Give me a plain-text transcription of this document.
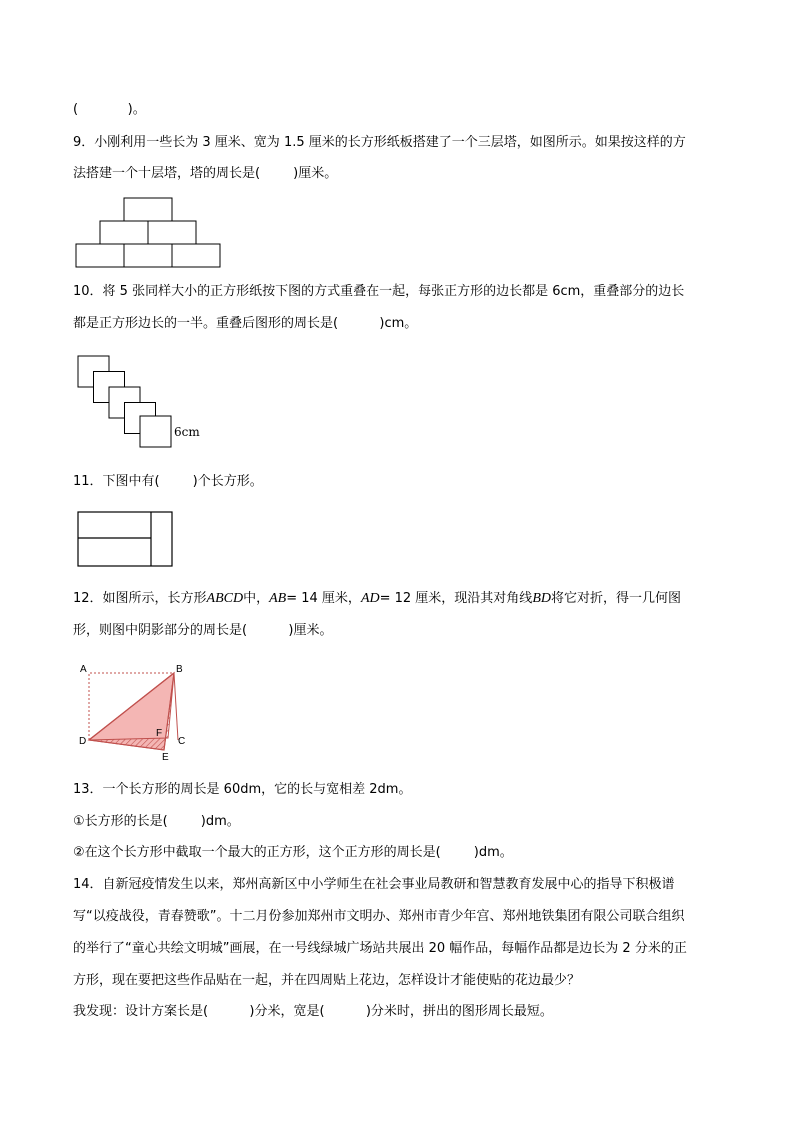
(            )。
9．小刚利用一些长为 3 厘米、宽为 1.5 厘米的长方形纸板搭建了一个三层塔，如图所示。如果按这样的方
法搭建一个十层塔，塔的周长是(        )厘米。
10．将 5 张同样大小的正方形纸按下图的方式重叠在一起，每张正方形的边长都是 6cm，重叠部分的边长
都是正方形边长的一半。重叠后图形的周长是(          )cm。
6cm
11．下图中有(        )个长方形。
12．如图所示，长方形ABCD中，AB= 14 厘米，AD= 12 厘米，现沿其对角线BD将它对折，得一几何图
形，则图中阴影部分的周长是(          )厘米。
A	B
C
D
E
F
13．一个长方形的周长是 60dm，它的长与宽相差 2dm。
①长方形的长是(        )dm。
②在这个长方形中截取一个最大的正方形，这个正方形的周长是(        )dm。
14．自新冠疫情发生以来，郑州高新区中小学师生在社会事业局教研和智慧教育发展中心的指导下积极谱
写“以疫战役，青春赞歌”。十二月份参加郑州市文明办、郑州市青少年宫、郑州地铁集团有限公司联合组织
的举行了“童心共绘文明城”画展，在一号线绿城广场站共展出 20 幅作品，每幅作品都是边长为 2 分米的正
方形，现在要把这些作品贴在一起，并在四周贴上花边，怎样设计才能使贴的花边最少？
我发现：设计方案长是(          )分米，宽是(          )分米时，拼出的图形周长最短。
